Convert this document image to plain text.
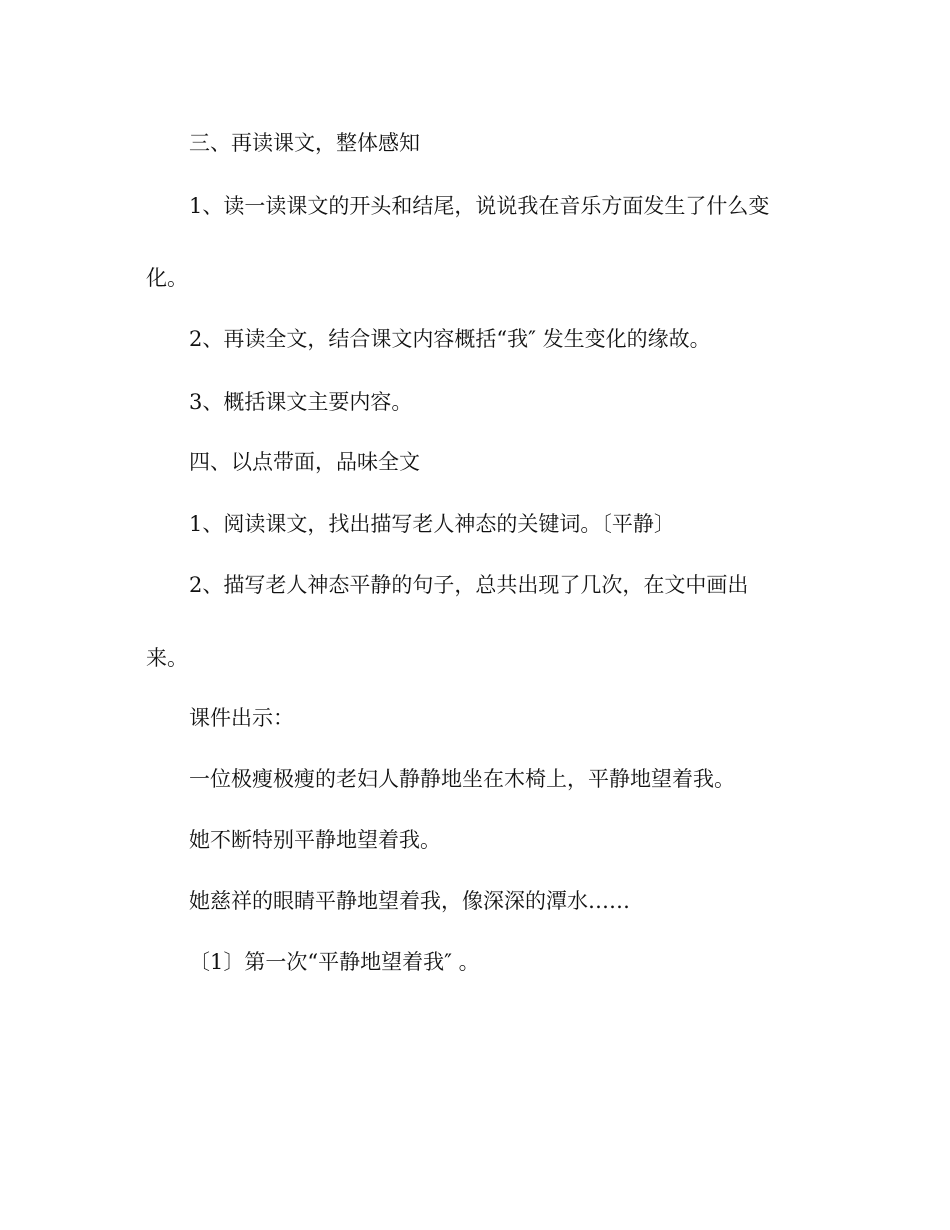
三、再读课文，整体感知

1、读一读课文的开头和结尾，说说我在音乐方面发生了什么变

化。

2、再读全文，结合课文内容概括“我″ 发生变化的缘故。

3、概括课文主要内容。

四、以点带面，品味全文

1、阅读课文，找出描写老人神态的关键词。〔平静〕

2、描写老人神态平静的句子，总共出现了几次，在文中画出

来。

课件出示：

一位极瘦极瘦的老妇人静静地坐在木椅上，平静地望着我。

她不断特别平静地望着我。

她慈祥的眼睛平静地望着我，像深深的潭水……

〔1〕第一次“平静地望着我″ 。
